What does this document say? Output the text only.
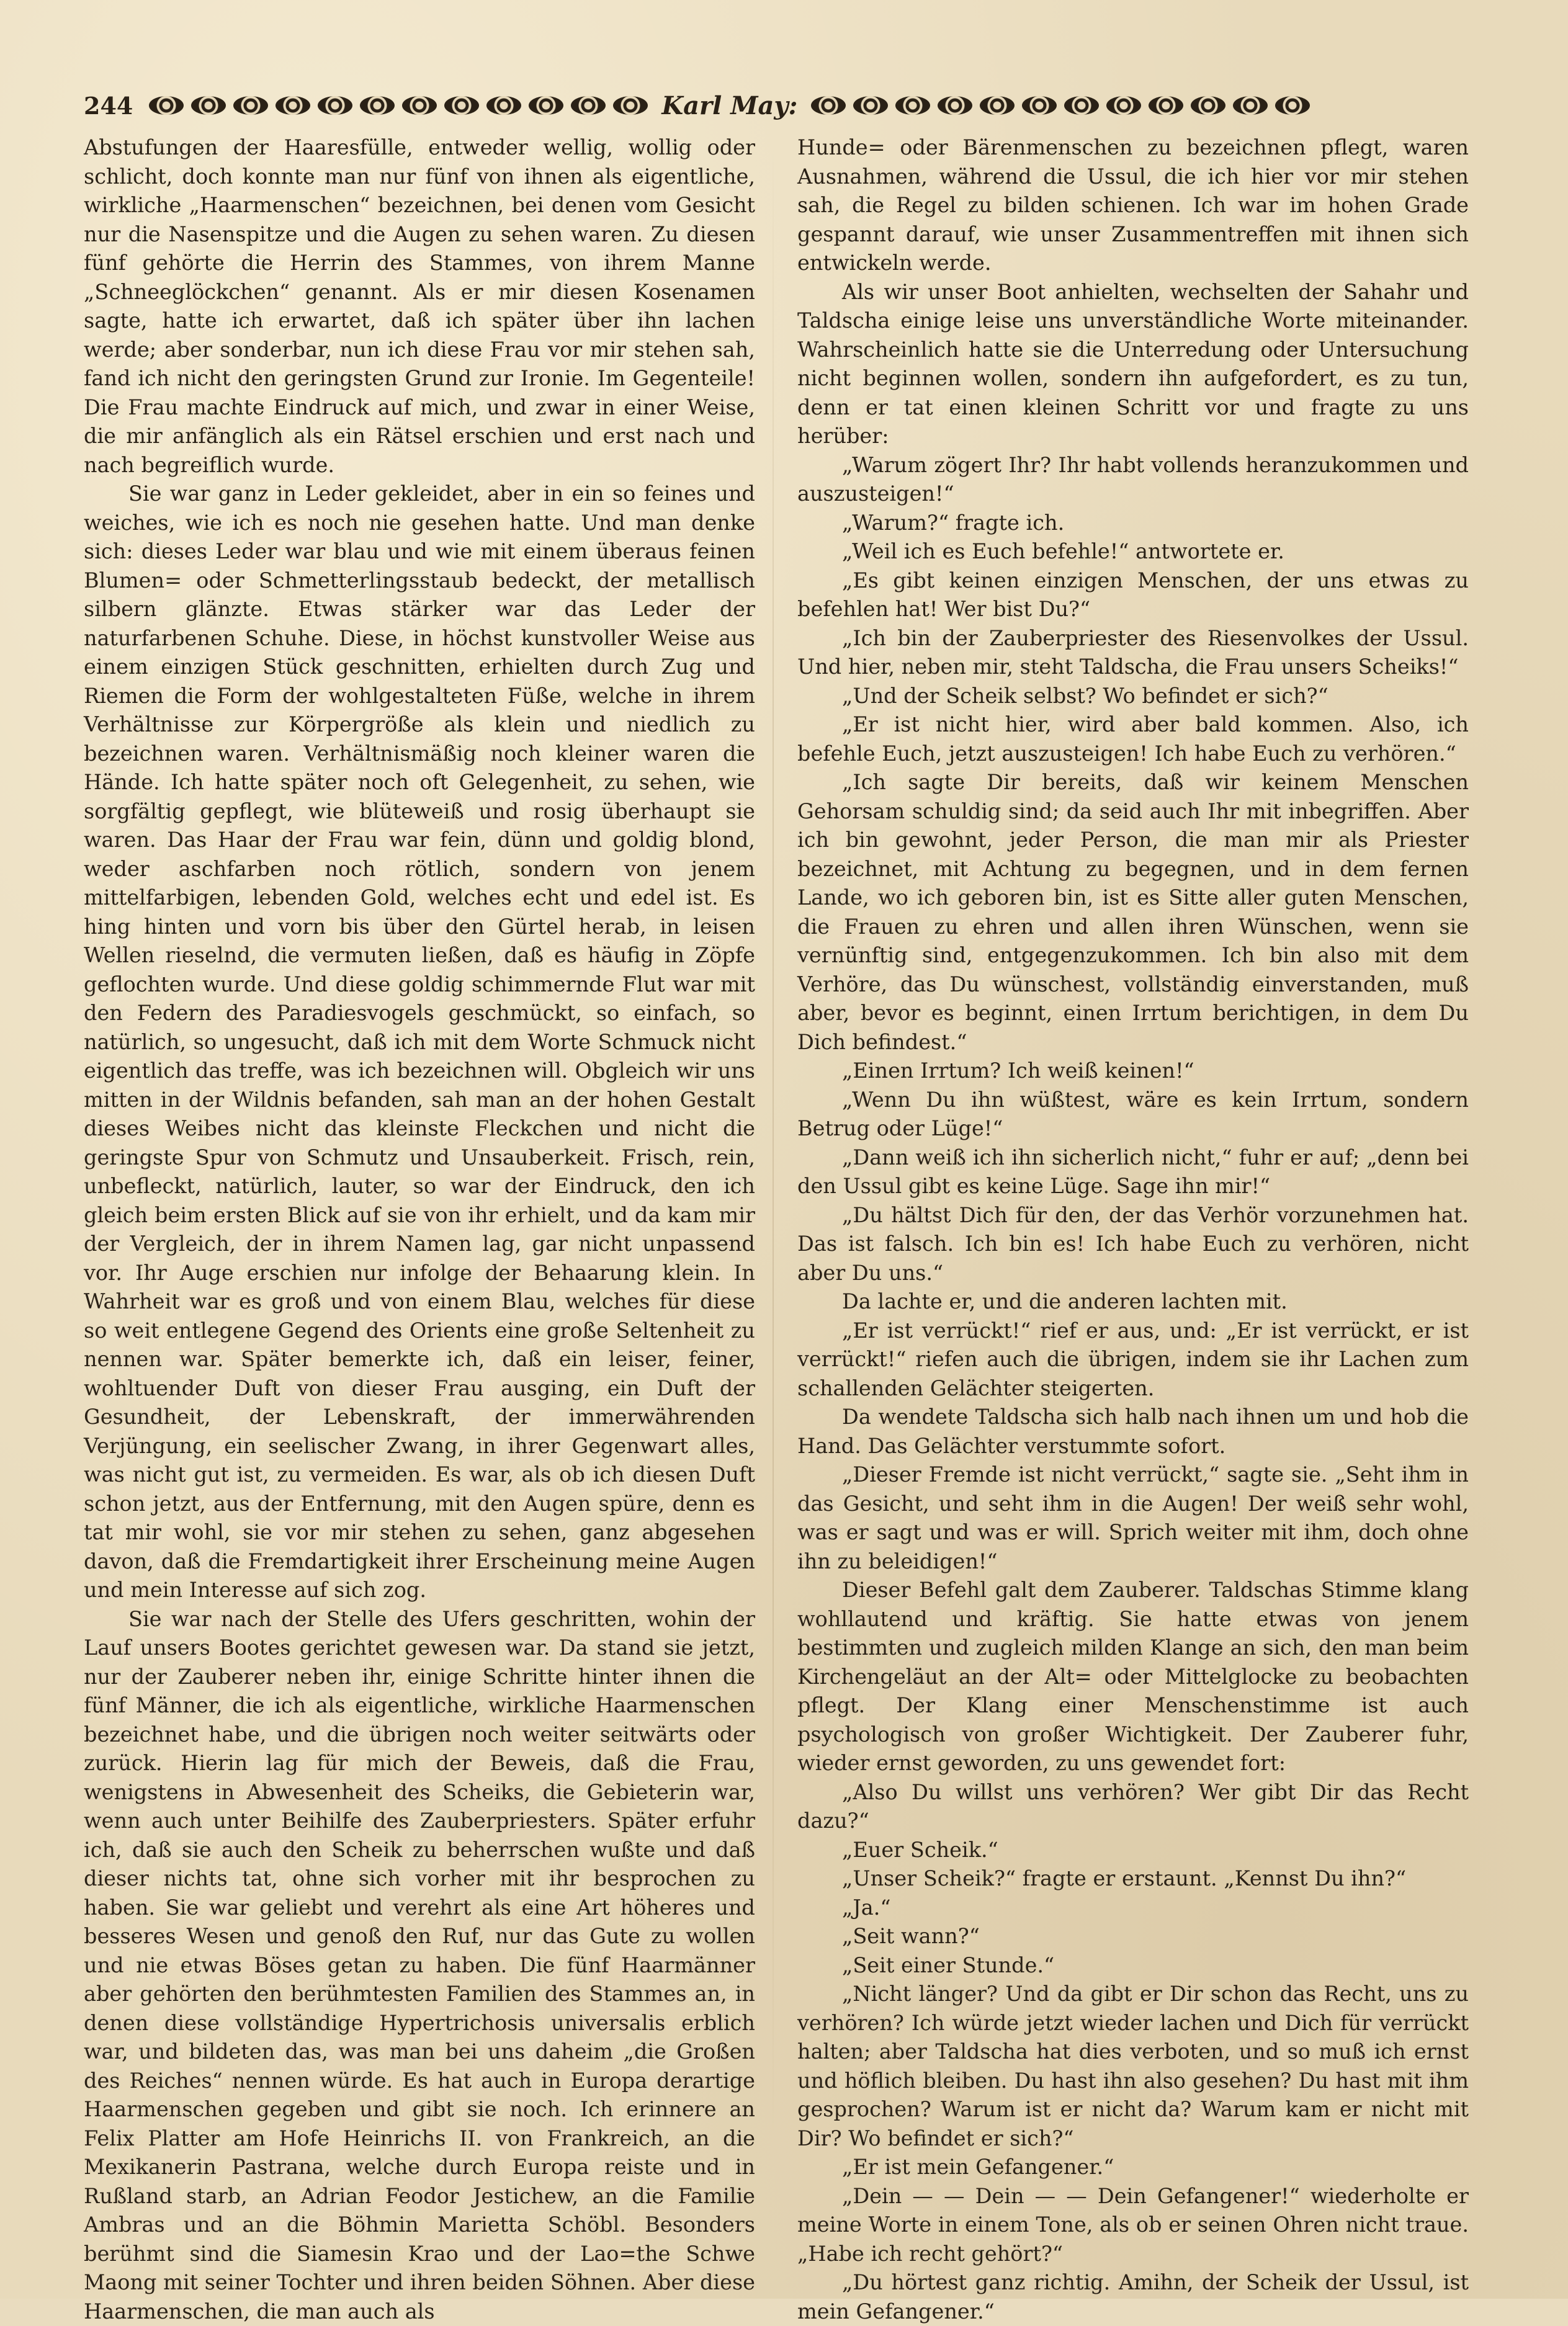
244	Karl May:

Abstufungen der Haaresfülle, entweder wellig, wollig oder schlicht, doch konnte man nur fünf von ihnen als eigentliche, wirkliche „Haarmenschen“ bezeichnen, bei denen vom Gesicht nur die Nasenspitze und die Augen zu sehen waren. Zu diesen fünf gehörte die Herrin des Stammes, von ihrem Manne „Schneeglöckchen“ genannt. Als er mir diesen Kosenamen sagte, hatte ich erwartet, daß ich später über ihn lachen werde; aber sonderbar, nun ich diese Frau vor mir stehen sah, fand ich nicht den geringsten Grund zur Ironie. Im Gegenteile! Die Frau machte Eindruck auf mich, und zwar in einer Weise, die mir anfänglich als ein Rätsel erschien und erst nach und nach begreiflich wurde.

Sie war ganz in Leder gekleidet, aber in ein so feines und weiches, wie ich es noch nie gesehen hatte. Und man denke sich: dieses Leder war blau und wie mit einem überaus feinen Blumen= oder Schmetterlingsstaub bedeckt, der metallisch silbern glänzte. Etwas stärker war das Leder der naturfarbenen Schuhe. Diese, in höchst kunstvoller Weise aus einem einzigen Stück geschnitten, erhielten durch Zug und Riemen die Form der wohlgestalteten Füße, welche in ihrem Verhältnisse zur Körpergröße als klein und niedlich zu bezeichnen waren. Verhältnismäßig noch kleiner waren die Hände. Ich hatte später noch oft Gelegenheit, zu sehen, wie sorgfältig gepflegt, wie blüteweiß und rosig überhaupt sie waren. Das Haar der Frau war fein, dünn und goldig blond, weder aschfarben noch rötlich, sondern von jenem mittelfarbigen, lebenden Gold, welches echt und edel ist. Es hing hinten und vorn bis über den Gürtel herab, in leisen Wellen rieselnd, die vermuten ließen, daß es häufig in Zöpfe geflochten wurde. Und diese goldig schimmernde Flut war mit den Federn des Paradiesvogels geschmückt, so einfach, so natürlich, so ungesucht, daß ich mit dem Worte Schmuck nicht eigentlich das treffe, was ich bezeichnen will. Obgleich wir uns mitten in der Wildnis befanden, sah man an der hohen Gestalt dieses Weibes nicht das kleinste Fleckchen und nicht die geringste Spur von Schmutz und Unsauberkeit. Frisch, rein, unbefleckt, natürlich, lauter, so war der Eindruck, den ich gleich beim ersten Blick auf sie von ihr erhielt, und da kam mir der Vergleich, der in ihrem Namen lag, gar nicht unpassend vor. Ihr Auge erschien nur infolge der Behaarung klein. In Wahrheit war es groß und von einem Blau, welches für diese so weit entlegene Gegend des Orients eine große Seltenheit zu nennen war. Später bemerkte ich, daß ein leiser, feiner, wohltuender Duft von dieser Frau ausging, ein Duft der Gesundheit, der Lebenskraft, der immerwährenden Verjüngung, ein seelischer Zwang, in ihrer Gegenwart alles, was nicht gut ist, zu vermeiden. Es war, als ob ich diesen Duft schon jetzt, aus der Entfernung, mit den Augen spüre, denn es tat mir wohl, sie vor mir stehen zu sehen, ganz abgesehen davon, daß die Fremdartigkeit ihrer Erscheinung meine Augen und mein Interesse auf sich zog.

Sie war nach der Stelle des Ufers geschritten, wohin der Lauf unsers Bootes gerichtet gewesen war. Da stand sie jetzt, nur der Zauberer neben ihr, einige Schritte hinter ihnen die fünf Männer, die ich als eigentliche, wirkliche Haarmenschen bezeichnet habe, und die übrigen noch weiter seitwärts oder zurück. Hierin lag für mich der Beweis, daß die Frau, wenigstens in Abwesenheit des Scheiks, die Gebieterin war, wenn auch unter Beihilfe des Zauberpriesters. Später erfuhr ich, daß sie auch den Scheik zu beherrschen wußte und daß dieser nichts tat, ohne sich vorher mit ihr besprochen zu haben. Sie war geliebt und verehrt als eine Art höheres und besseres Wesen und genoß den Ruf, nur das Gute zu wollen und nie etwas Böses getan zu haben. Die fünf Haarmänner aber gehörten den berühmtesten Familien des Stammes an, in denen diese vollständige Hypertrichosis universalis erblich war, und bildeten das, was man bei uns daheim „die Großen des Reiches“ nennen würde. Es hat auch in Europa derartige Haarmenschen gegeben und gibt sie noch. Ich erinnere an Felix Platter am Hofe Heinrichs II. von Frankreich, an die Mexikanerin Pastrana, welche durch Europa reiste und in Rußland starb, an Adrian Feodor Jestichew, an die Familie Ambras und an die Böhmin Marietta Schöbl. Besonders berühmt sind die Siamesin Krao und der Lao=the Schwe Maong mit seiner Tochter und ihren beiden Söhnen. Aber diese Haarmenschen, die man auch als

Hunde= oder Bärenmenschen zu bezeichnen pflegt, waren Ausnahmen, während die Ussul, die ich hier vor mir stehen sah, die Regel zu bilden schienen. Ich war im hohen Grade gespannt darauf, wie unser Zusammentreffen mit ihnen sich entwickeln werde.

Als wir unser Boot anhielten, wechselten der Sahahr und Taldscha einige leise uns unverständliche Worte miteinander. Wahrscheinlich hatte sie die Unterredung oder Untersuchung nicht beginnen wollen, sondern ihn aufgefordert, es zu tun, denn er tat einen kleinen Schritt vor und fragte zu uns herüber:

„Warum zögert Ihr? Ihr habt vollends heranzukommen und auszusteigen!“

„Warum?“ fragte ich.

„Weil ich es Euch befehle!“ antwortete er.

„Es gibt keinen einzigen Menschen, der uns etwas zu befehlen hat! Wer bist Du?“

„Ich bin der Zauberpriester des Riesenvolkes der Ussul. Und hier, neben mir, steht Taldscha, die Frau unsers Scheiks!“

„Und der Scheik selbst? Wo befindet er sich?“

„Er ist nicht hier, wird aber bald kommen. Also, ich befehle Euch, jetzt auszusteigen! Ich habe Euch zu verhören.“

„Ich sagte Dir bereits, daß wir keinem Menschen Gehorsam schuldig sind; da seid auch Ihr mit inbegriffen. Aber ich bin gewohnt, jeder Person, die man mir als Priester bezeichnet, mit Achtung zu begegnen, und in dem fernen Lande, wo ich geboren bin, ist es Sitte aller guten Menschen, die Frauen zu ehren und allen ihren Wünschen, wenn sie vernünftig sind, entgegenzukommen. Ich bin also mit dem Verhöre, das Du wünschest, vollständig einverstanden, muß aber, bevor es beginnt, einen Irrtum berichtigen, in dem Du Dich befindest.“

„Einen Irrtum? Ich weiß keinen!“

„Wenn Du ihn wüßtest, wäre es kein Irrtum, sondern Betrug oder Lüge!“

„Dann weiß ich ihn sicherlich nicht,“ fuhr er auf; „denn bei den Ussul gibt es keine Lüge. Sage ihn mir!“

„Du hältst Dich für den, der das Verhör vorzunehmen hat. Das ist falsch. Ich bin es! Ich habe Euch zu verhören, nicht aber Du uns.“

Da lachte er, und die anderen lachten mit.

„Er ist verrückt!“ rief er aus, und: „Er ist verrückt, er ist verrückt!“ riefen auch die übrigen, indem sie ihr Lachen zum schallenden Gelächter steigerten.

Da wendete Taldscha sich halb nach ihnen um und hob die Hand. Das Gelächter verstummte sofort.

„Dieser Fremde ist nicht verrückt,“ sagte sie. „Seht ihm in das Gesicht, und seht ihm in die Augen! Der weiß sehr wohl, was er sagt und was er will. Sprich weiter mit ihm, doch ohne ihn zu beleidigen!“

Dieser Befehl galt dem Zauberer. Taldschas Stimme klang wohllautend und kräftig. Sie hatte etwas von jenem bestimmten und zugleich milden Klange an sich, den man beim Kirchengeläut an der Alt= oder Mittelglocke zu beobachten pflegt. Der Klang einer Menschenstimme ist auch psychologisch von großer Wichtigkeit. Der Zauberer fuhr, wieder ernst geworden, zu uns gewendet fort:

„Also Du willst uns verhören? Wer gibt Dir das Recht dazu?“

„Euer Scheik.“

„Unser Scheik?“ fragte er erstaunt. „Kennst Du ihn?“

„Ja.“

„Seit wann?“

„Seit einer Stunde.“

„Nicht länger? Und da gibt er Dir schon das Recht, uns zu verhören? Ich würde jetzt wieder lachen und Dich für verrückt halten; aber Taldscha hat dies verboten, und so muß ich ernst und höflich bleiben. Du hast ihn also gesehen? Du hast mit ihm gesprochen? Warum ist er nicht da? Warum kam er nicht mit Dir? Wo befindet er sich?“

„Er ist mein Gefangener.“

„Dein — — Dein — — Dein Gefangener!“ wiederholte er meine Worte in einem Tone, als ob er seinen Ohren nicht traue. „Habe ich recht gehört?“

„Du hörtest ganz richtig. Amihn, der Scheik der Ussul, ist mein Gefangener.“
